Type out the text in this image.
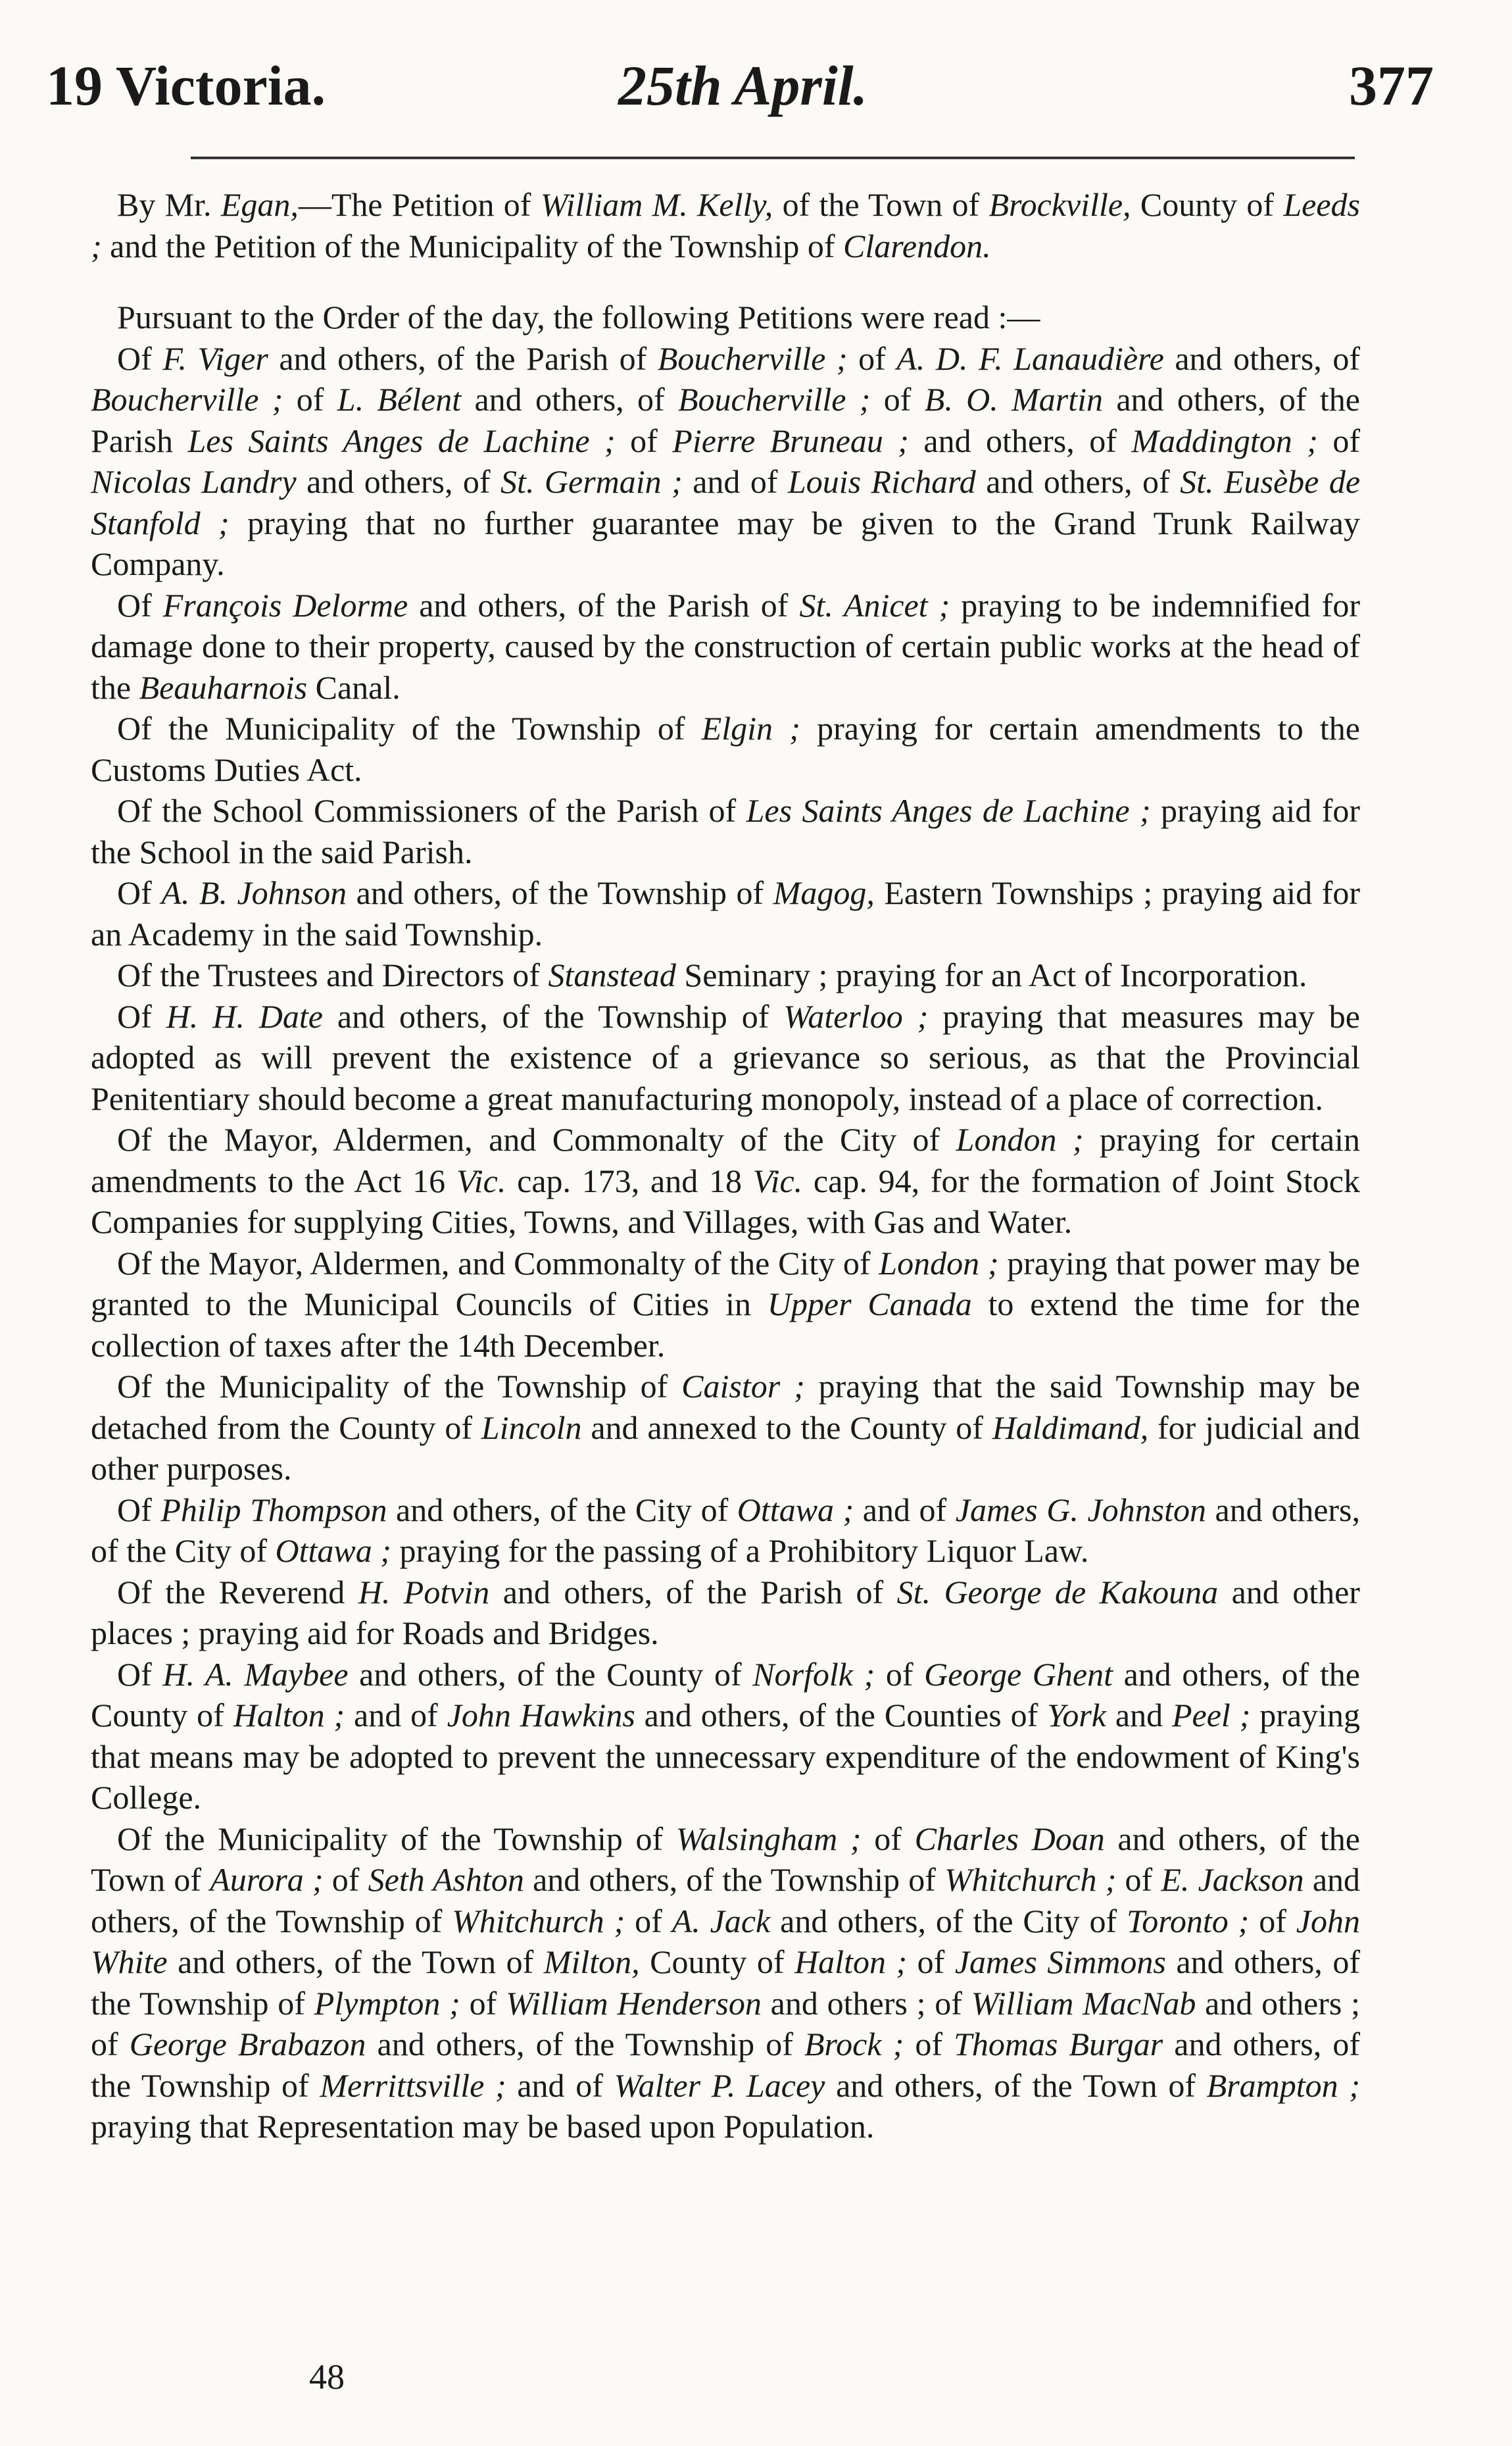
19 Victoria.	25th April.	377

By Mr. Egan,—The Petition of William M. Kelly, of the Town of Brockville, County of Leeds ; and the Petition of the Municipality of the Township of Clarendon.

Pursuant to the Order of the day, the following Petitions were read :—

Of F. Viger and others, of the Parish of Boucherville ; of A. D. F. Lanaudière and others, of Boucherville ; of L. Bélent and others, of Boucherville ; of B. O. Martin and others, of the Parish Les Saints Anges de Lachine ; of Pierre Bruneau ; and others, of Maddington ; of Nicolas Landry and others, of St. Germain ; and of Louis Richard and others, of St. Eusèbe de Stanfold ; praying that no further guarantee may be given to the Grand Trunk Railway Company.

Of François Delorme and others, of the Parish of St. Anicet ; praying to be indemnified for damage done to their property, caused by the construction of certain public works at the head of the Beauharnois Canal.

Of the Municipality of the Township of Elgin ; praying for certain amendments to the Customs Duties Act.

Of the School Commissioners of the Parish of Les Saints Anges de Lachine ; praying aid for the School in the said Parish.

Of A. B. Johnson and others, of the Township of Magog, Eastern Townships ; praying aid for an Academy in the said Township.

Of the Trustees and Directors of Stanstead Seminary ; praying for an Act of Incorporation.

Of H. H. Date and others, of the Township of Waterloo ; praying that measures may be adopted as will prevent the existence of a grievance so serious, as that the Provincial Penitentiary should become a great manufacturing monopoly, instead of a place of correction.

Of the Mayor, Aldermen, and Commonalty of the City of London ; praying for certain amendments to the Act 16 Vic. cap. 173, and 18 Vic. cap. 94, for the formation of Joint Stock Companies for supplying Cities, Towns, and Villages, with Gas and Water.

Of the Mayor, Aldermen, and Commonalty of the City of London ; praying that power may be granted to the Municipal Councils of Cities in Upper Canada to extend the time for the collection of taxes after the 14th December.

Of the Municipality of the Township of Caistor ; praying that the said Township may be detached from the County of Lincoln and annexed to the County of Haldimand, for judicial and other purposes.

Of Philip Thompson and others, of the City of Ottawa ; and of James G. Johnston and others, of the City of Ottawa ; praying for the passing of a Prohibitory Liquor Law.

Of the Reverend H. Potvin and others, of the Parish of St. George de Kakouna and other places ; praying aid for Roads and Bridges.

Of H. A. Maybee and others, of the County of Norfolk ; of George Ghent and others, of the County of Halton ; and of John Hawkins and others, of the Counties of York and Peel ; praying that means may be adopted to prevent the unnecessary expenditure of the endowment of King's College.

Of the Municipality of the Township of Walsingham ; of Charles Doan and others, of the Town of Aurora ; of Seth Ashton and others, of the Township of Whitchurch ; of E. Jackson and others, of the Township of Whitchurch ; of A. Jack and others, of the City of Toronto ; of John White and others, of the Town of Milton, County of Halton ; of James Simmons and others, of the Township of Plympton ; of William Henderson and others ; of William MacNab and others ; of George Brabazon and others, of the Township of Brock ; of Thomas Burgar and others, of the Township of Merrittsville ; and of Walter P. Lacey and others, of the Town of Brampton ; praying that Representation may be based upon Population.

48
